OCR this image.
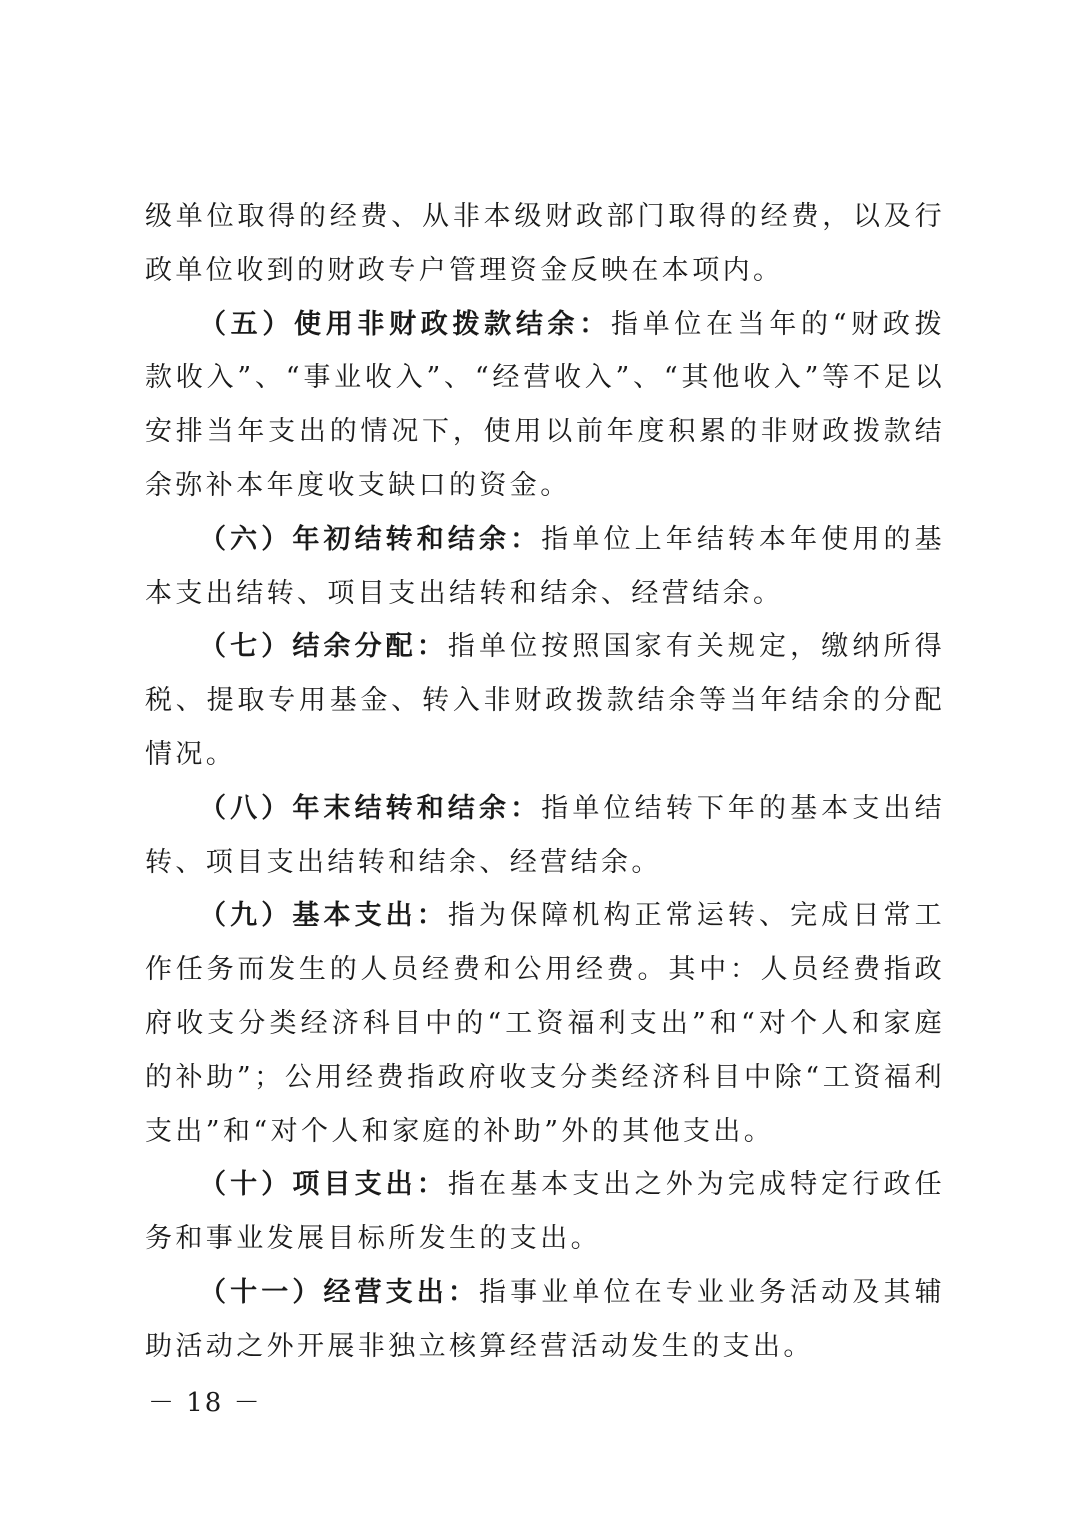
级单位取得的经费、从非本级财政部门取得的经费，以及行政单位收到的财政专户管理资金反映在本项内。

（五）使用非财政拨款结余：指单位在当年的“财政拨款收入”、“事业收入”、“经营收入”、“其他收入”等不足以安排当年支出的情况下，使用以前年度积累的非财政拨款结余弥补本年度收支缺口的资金。

（六）年初结转和结余：指单位上年结转本年使用的基本支出结转、项目支出结转和结余、经营结余。

（七）结余分配：指单位按照国家有关规定，缴纳所得税、提取专用基金、转入非财政拨款结余等当年结余的分配情况。

（八）年末结转和结余：指单位结转下年的基本支出结转、项目支出结转和结余、经营结余。

（九）基本支出：指为保障机构正常运转、完成日常工作任务而发生的人员经费和公用经费。其中：人员经费指政府收支分类经济科目中的“工资福利支出”和“对个人和家庭的补助”；公用经费指政府收支分类经济科目中除“工资福利支出”和“对个人和家庭的补助”外的其他支出。

（十）项目支出：指在基本支出之外为完成特定行政任务和事业发展目标所发生的支出。

（十一）经营支出：指事业单位在专业业务活动及其辅助活动之外开展非独立核算经营活动发生的支出。

－ 18 －
